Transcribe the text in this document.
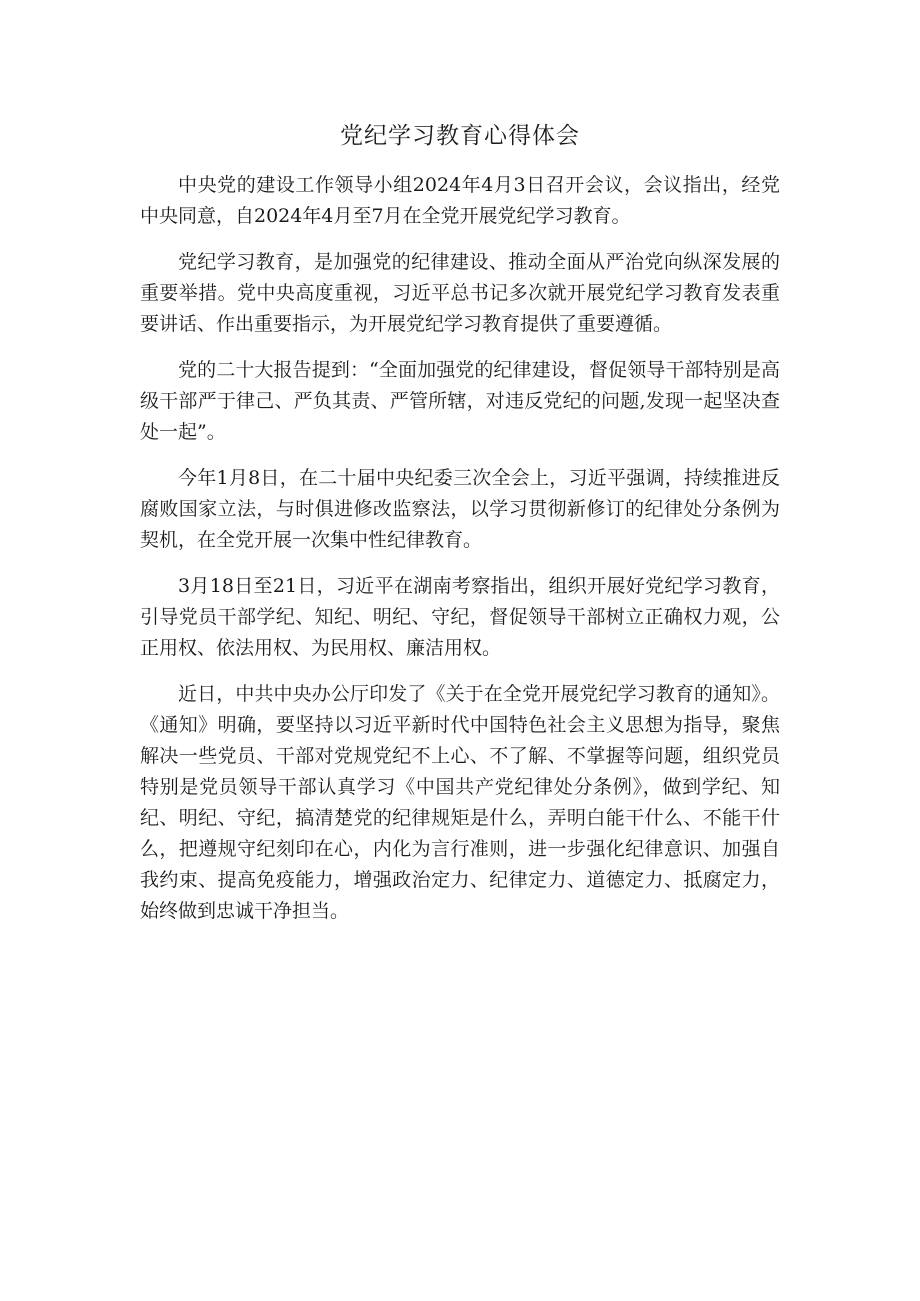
党纪学习教育心得体会

中央党的建设工作领导小组2024年4月3日召开会议，会议指出，经党中央同意，自2024年4月至7月在全党开展党纪学习教育。

党纪学习教育，是加强党的纪律建设、推动全面从严治党向纵深发展的重要举措。党中央高度重视，习近平总书记多次就开展党纪学习教育发表重要讲话、作出重要指示，为开展党纪学习教育提供了重要遵循。

党的二十大报告提到：“全面加强党的纪律建设，督促领导干部特别是高级干部严于律己、严负其责、严管所辖，对违反党纪的问题,发现一起坚决查处一起”。

今年1月8日，在二十届中央纪委三次全会上，习近平强调，持续推进反腐败国家立法，与时俱进修改监察法，以学习贯彻新修订的纪律处分条例为契机，在全党开展一次集中性纪律教育。

3月18日至21日，习近平在湖南考察指出，组织开展好党纪学习教育，引导党员干部学纪、知纪、明纪、守纪，督促领导干部树立正确权力观，公正用权、依法用权、为民用权、廉洁用权。

近日，中共中央办公厅印发了《关于在全党开展党纪学习教育的通知》。《通知》明确，要坚持以习近平新时代中国特色社会主义思想为指导，聚焦解决一些党员、干部对党规党纪不上心、不了解、不掌握等问题，组织党员特别是党员领导干部认真学习《中国共产党纪律处分条例》，做到学纪、知纪、明纪、守纪，搞清楚党的纪律规矩是什么，弄明白能干什么、不能干什么，把遵规守纪刻印在心，内化为言行准则，进一步强化纪律意识、加强自我约束、提高免疫能力，增强政治定力、纪律定力、道德定力、抵腐定力，始终做到忠诚干净担当。
